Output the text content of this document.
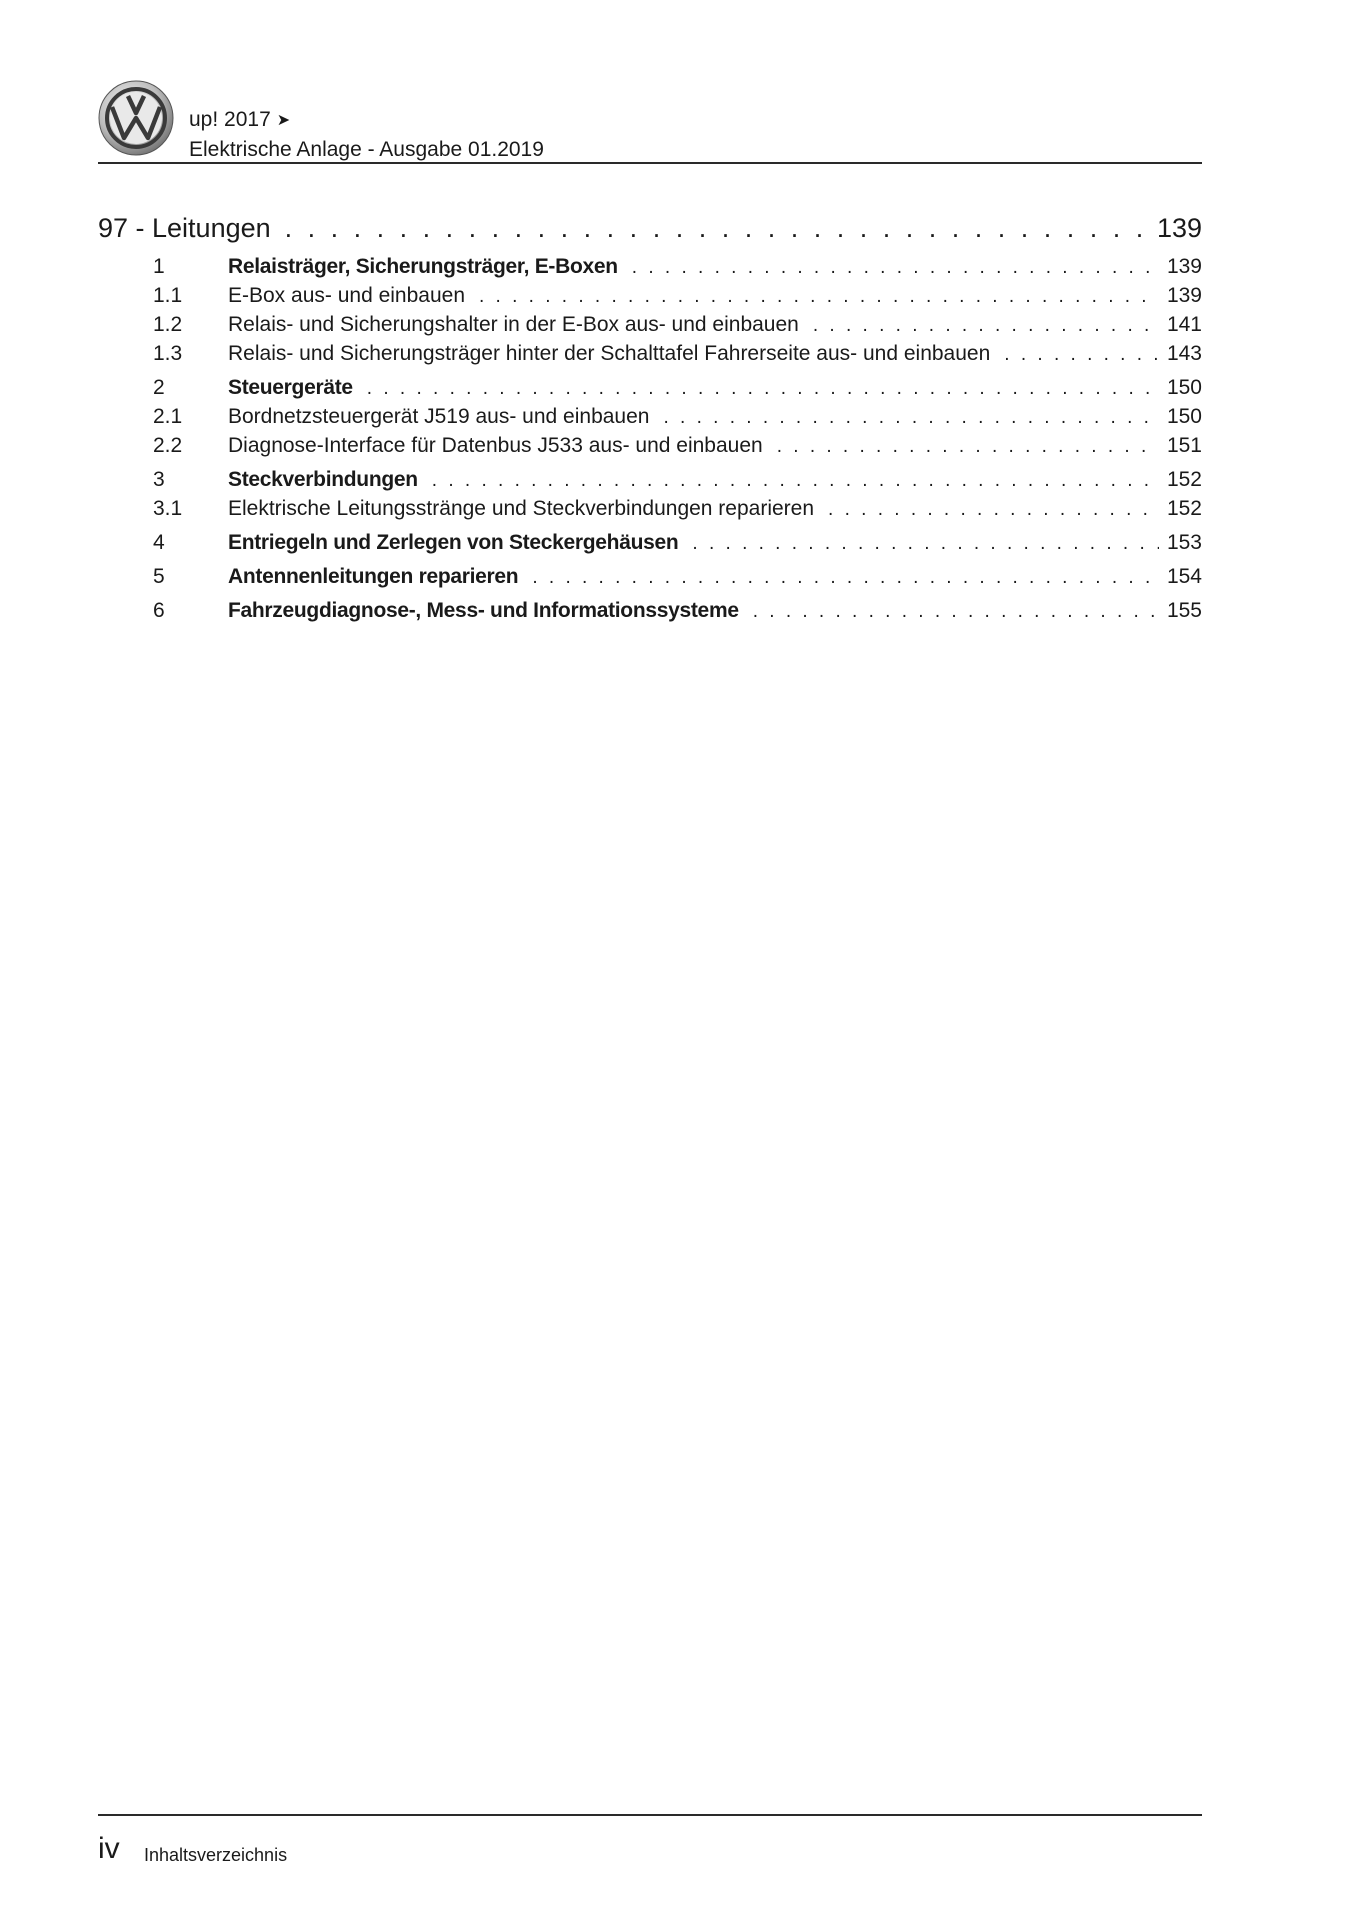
up! 2017 ➤
Elektrische Anlage - Ausgabe 01.2019
97 - Leitungen . . .	139
1	Relaisträger, Sicherungsträger, E-Boxen . . .	139
1.1	E-Box aus- und einbauen . . .	139
1.2	Relais- und Sicherungshalter in der E-Box aus- und einbauen . . .	141
1.3	Relais- und Sicherungsträger hinter der Schalttafel Fahrerseite aus- und einbauen . . .	143
2	Steuergeräte . . .	150
2.1	Bordnetzsteuergerät J519 aus- und einbauen . . .	150
2.2	Diagnose-Interface für Datenbus J533 aus- und einbauen . . .	151
3	Steckverbindungen . . .	152
3.1	Elektrische Leitungsstränge und Steckverbindungen reparieren . . .	152
4	Entriegeln und Zerlegen von Steckergehäusen . . .	153
5	Antennenleitungen reparieren . . .	154
6	Fahrzeugdiagnose-, Mess- und Informationssysteme . . .	155
iv Inhaltsverzeichnis
